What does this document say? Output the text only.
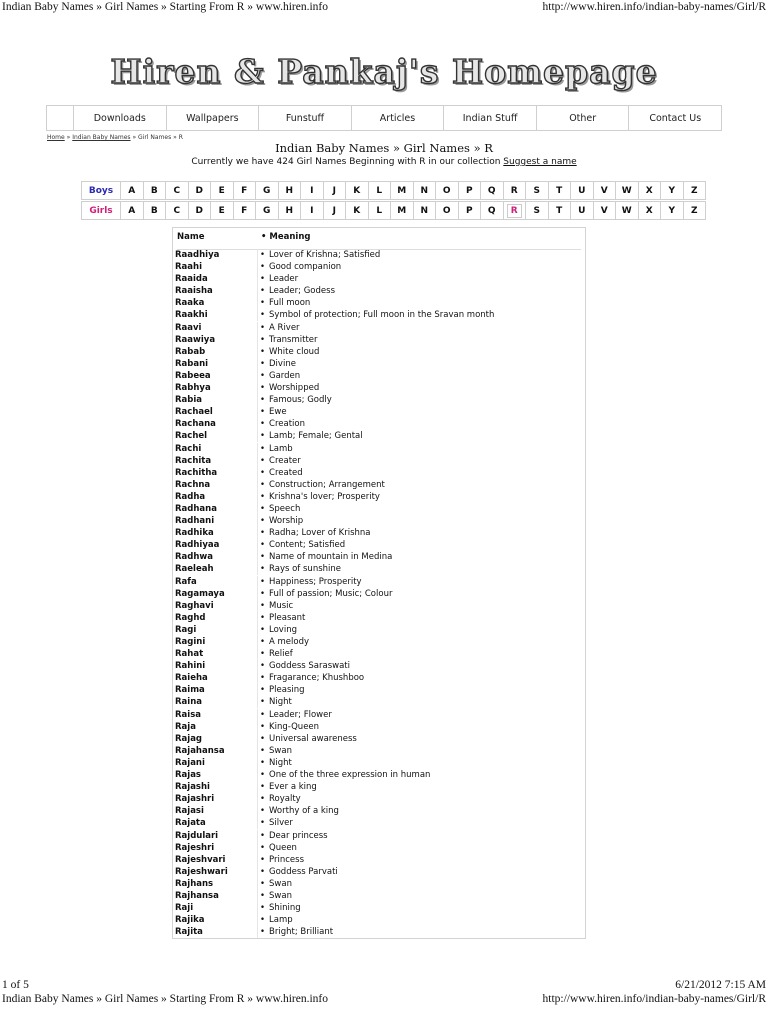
Indian Baby Names » Girl Names » Starting From R » www.hiren.info	http://www.hiren.info/indian-baby-names/Girl/R
Hiren & Pankaj's Homepage
Downloads	Wallpapers	Funstuff	Articles	Indian Stuff	Other	Contact Us
Home » Indian Baby Names » Girl Names » R
Indian Baby Names » Girl Names » R
Currently we have 424 Girl Names Beginning with R in our collection Suggest a name
Boys	A	B	C	D	E	F	G	H	I	J	K	L	M	N	O	P	Q	R	S	T	U	V	W	X	Y	Z
Girls	A	B	C	D	E	F	G	H	I	J	K	L	M	N	O	P	Q	R	S	T	U	V	W	X	Y	Z
Name	• Meaning
Raadhiya	• Lover of Krishna; Satisfied
Raahi	• Good companion
Raaida	• Leader
Raaisha	• Leader; Godess
Raaka	• Full moon
Raakhi	• Symbol of protection; Full moon in the Sravan month
Raavi	• A River
Raawiya	• Transmitter
Rabab	• White cloud
Rabani	• Divine
Rabeea	• Garden
Rabhya	• Worshipped
Rabia	• Famous; Godly
Rachael	• Ewe
Rachana	• Creation
Rachel	• Lamb; Female; Gental
Rachi	• Lamb
Rachita	• Creater
Rachitha	• Created
Rachna	• Construction; Arrangement
Radha	• Krishna's lover; Prosperity
Radhana	• Speech
Radhani	• Worship
Radhika	• Radha; Lover of Krishna
Radhiyaa	• Content; Satisfied
Radhwa	• Name of mountain in Medina
Raeleah	• Rays of sunshine
Rafa	• Happiness; Prosperity
Ragamaya	• Full of passion; Music; Colour
Raghavi	• Music
Raghd	• Pleasant
Ragi	• Loving
Ragini	• A melody
Rahat	• Relief
Rahini	• Goddess Saraswati
Raieha	• Fragarance; Khushboo
Raima	• Pleasing
Raina	• Night
Raisa	• Leader; Flower
Raja	• King-Queen
Rajag	• Universal awareness
Rajahansa	• Swan
Rajani	• Night
Rajas	• One of the three expression in human
Rajashi	• Ever a king
Rajashri	• Royalty
Rajasi	• Worthy of a king
Rajata	• Silver
Rajdulari	• Dear princess
Rajeshri	• Queen
Rajeshvari	• Princess
Rajeshwari	• Goddess Parvati
Rajhans	• Swan
Rajhansa	• Swan
Raji	• Shining
Rajika	• Lamp
Rajita	• Bright; Brilliant
1 of 5	6/21/2012 7:15 AM
Indian Baby Names » Girl Names » Starting From R » www.hiren.info	http://www.hiren.info/indian-baby-names/Girl/R
